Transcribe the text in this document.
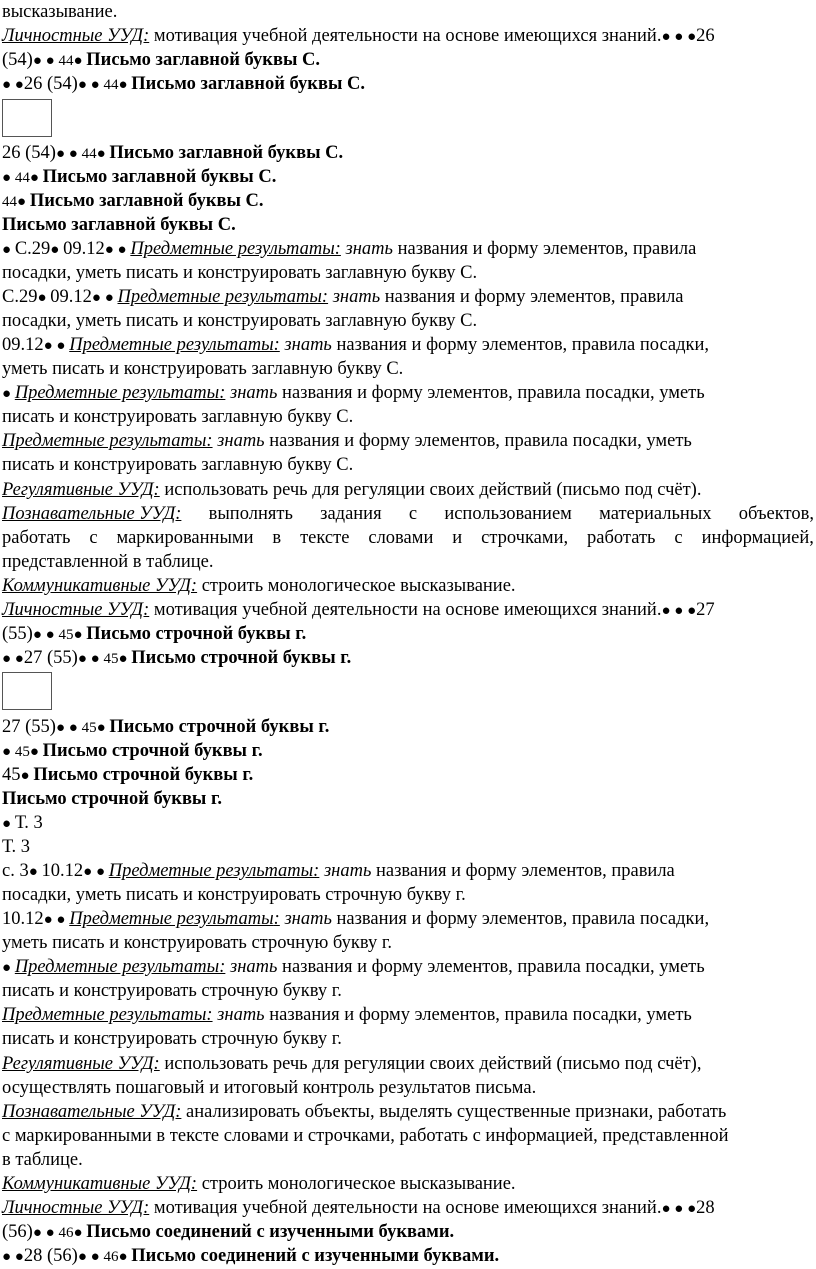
высказывание.
Личностные УУД: мотивация учебной деятельности на основе имеющихся знаний.● ● ●26
(54)● ● 44● Письмо заглавной буквы С.
● ●26 (54)● ● 44● Письмо заглавной буквы С.
26 (54)● ● 44● Письмо заглавной буквы С.
● 44● Письмо заглавной буквы С.
44● Письмо заглавной буквы С.
Письмо заглавной буквы С.
● С.29● 09.12● ● Предметные результаты: знать названия и форму элементов, правила
посадки, уметь писать и конструировать заглавную букву С.
С.29● 09.12● ● Предметные результаты: знать названия и форму элементов, правила
посадки, уметь писать и конструировать заглавную букву С.
09.12● ● Предметные результаты: знать названия и форму элементов, правила посадки,
уметь писать и конструировать заглавную букву С.
● Предметные результаты: знать названия и форму элементов, правила посадки, уметь
писать и конструировать заглавную букву С.
Предметные результаты: знать названия и форму элементов, правила посадки, уметь
писать и конструировать заглавную букву С.
Регулятивные УУД: использовать речь для регуляции своих действий (письмо под счёт).
Познавательные УУД: выполнять задания с использованием материальных объектов,
работать с маркированными в тексте словами и строчками, работать с информацией,
представленной в таблице.
Коммуникативные УУД: строить монологическое высказывание.
Личностные УУД: мотивация учебной деятельности на основе имеющихся знаний.● ● ●27
(55)● ● 45● Письмо строчной буквы г.
● ●27 (55)● ● 45● Письмо строчной буквы г.
27 (55)● ● 45● Письмо строчной буквы г.
● 45● Письмо строчной буквы г.
45● Письмо строчной буквы г.
Письмо строчной буквы г.
● Т. 3
Т. 3
с. 3● 10.12● ● Предметные результаты: знать названия и форму элементов, правила
посадки, уметь писать и конструировать строчную букву г.
10.12● ● Предметные результаты: знать названия и форму элементов, правила посадки,
уметь писать и конструировать строчную букву г.
● Предметные результаты: знать названия и форму элементов, правила посадки, уметь
писать и конструировать строчную букву г.
Предметные результаты: знать названия и форму элементов, правила посадки, уметь
писать и конструировать строчную букву г.
Регулятивные УУД: использовать речь для регуляции своих действий (письмо под счёт),
осуществлять пошаговый и итоговый контроль результатов письма.
Познавательные УУД: анализировать объекты, выделять существенные признаки, работать
с маркированными в тексте словами и строчками, работать с информацией, представленной
в таблице.
Коммуникативные УУД: строить монологическое высказывание.
Личностные УУД: мотивация учебной деятельности на основе имеющихся знаний.● ● ●28
(56)● ● 46● Письмо соединений с изученными буквами.
● ●28 (56)● ● 46● Письмо соединений с изученными буквами.
